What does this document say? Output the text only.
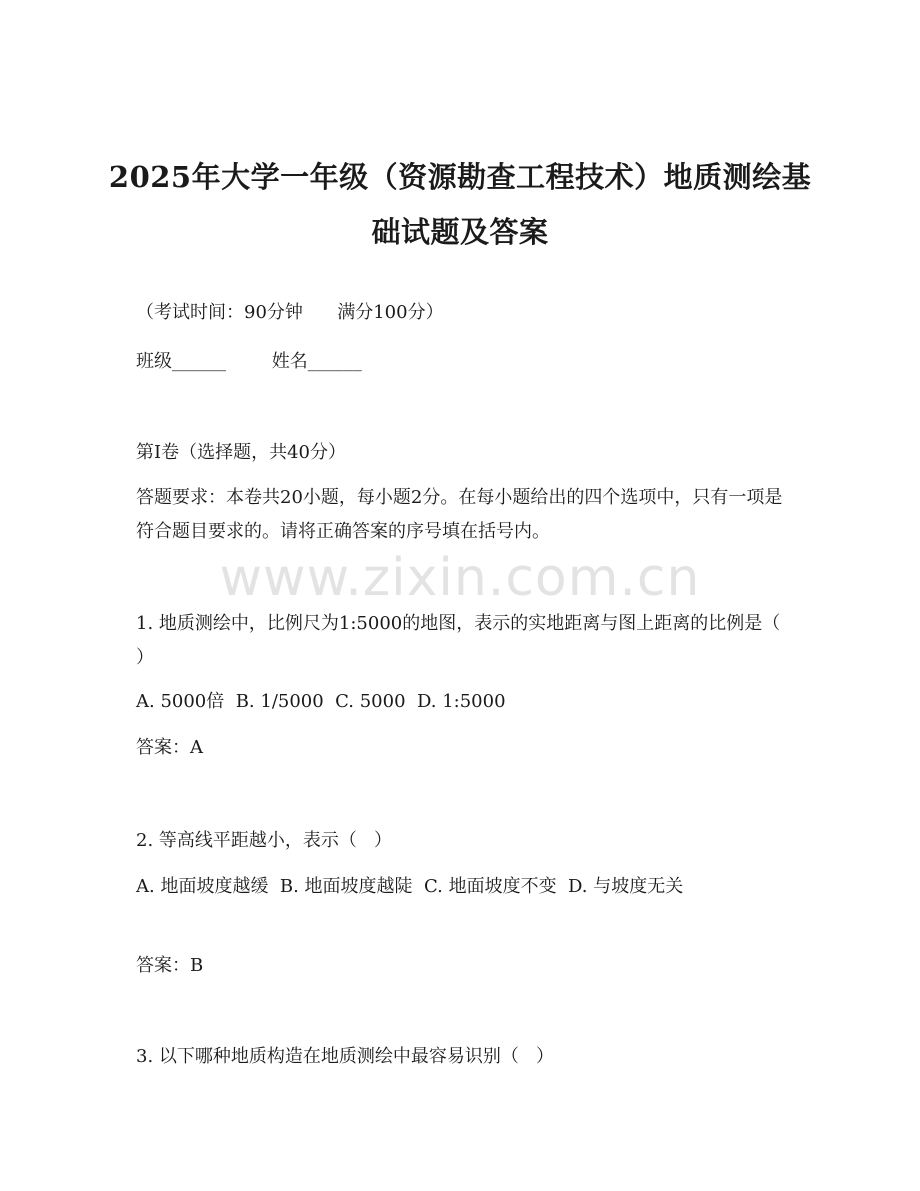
2025年大学一年级（资源勘查工程技术）地质测绘基础试题及答案
（考试时间：90分钟      满分100分）
班级______        姓名______
第I卷（选择题，共40分）
答题要求：本卷共20小题，每小题2分。在每小题给出的四个选项中，只有一项是符合题目要求的。请将正确答案的序号填在括号内。
www.zixin.com.cn
1. 地质测绘中，比例尺为1:5000的地图，表示的实地距离与图上距离的比例是（   ）
A. 5000倍  B. 1/5000  C. 5000  D. 1:5000
答案：A
2. 等高线平距越小，表示（   ）
A. 地面坡度越缓  B. 地面坡度越陡  C. 地面坡度不变  D. 与坡度无关
答案：B
3. 以下哪种地质构造在地质测绘中最容易识别（   ）
